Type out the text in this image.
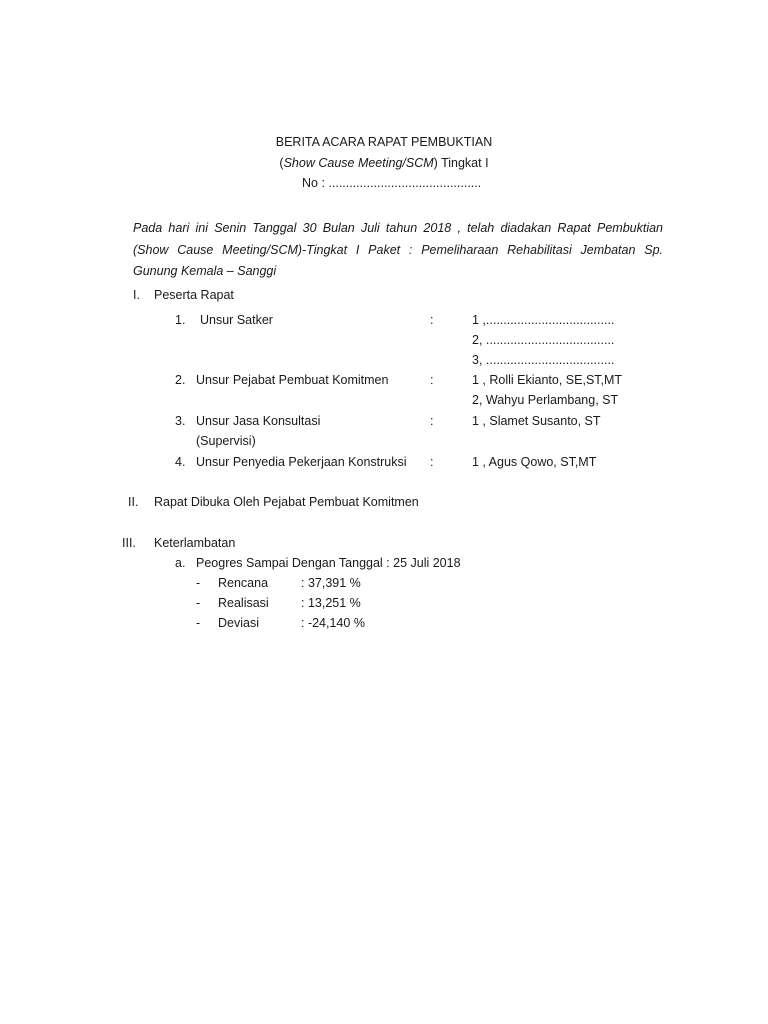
BERITA ACARA RAPAT PEMBUKTIAN
(Show Cause Meeting/SCM) Tingkat I
No : ............................................
Pada hari ini Senin Tanggal 30 Bulan Juli tahun 2018 , telah diadakan Rapat Pembuktian (Show Cause Meeting/SCM)-Tingkat I Paket : Pemeliharaan Rehabilitasi Jembatan Sp. Gunung Kemala – Sanggi
I. Peserta Rapat
1. Unsur Satker	:	1 ,.....................................
2, .....................................
3, .....................................
2. Unsur Pejabat Pembuat Komitmen	:	1 , Rolli Ekianto, SE,ST,MT
2, Wahyu Perlambang, ST
3. Unsur Jasa Konsultasi
(Supervisi)
:	1 , Slamet Susanto, ST
4. Unsur Penyedia Pekerjaan Konstruksi :	1 , Agus Qowo, ST,MT
II. Rapat Dibuka Oleh Pejabat Pembuat Komitmen
III. Keterlambatan
a. Peogres Sampai Dengan Tanggal : 25 Juli 2018
- Rencana	: 37,391 %
- Realisasi	: 13,251 %
- Deviasi	: -24,140 %
